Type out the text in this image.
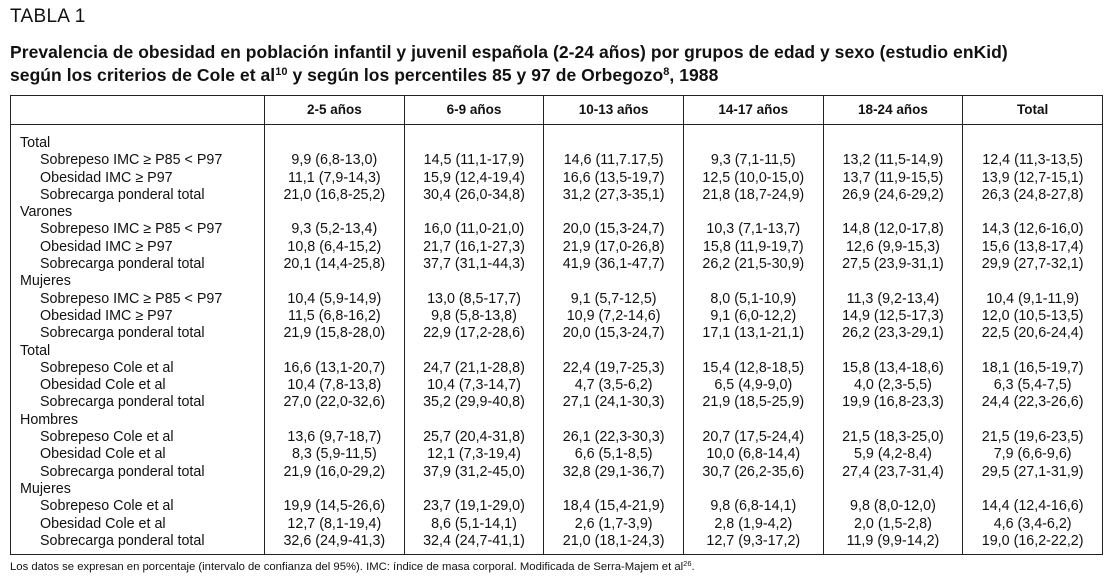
TABLA 1

Prevalencia de obesidad en población infantil y juvenil española (2-24 años) por grupos de edad y sexo (estudio enKid)
según los criterios de Cole et $al^{10}$ y según los percentiles 85 y 97 de Orbegozo$^8$, 1988
	2-5 años	6-9 años	10-13 años	14-17 años	18-24 años	Total
Total						
Sobrepeso IMC ≥ P85 < P97	9,9 (6,8-13,0)	14,5 (11,1-17,9)	14,6 (11,7.17,5)	9,3 (7,1-11,5)	13,2 (11,5-14,9)	12,4 (11,3-13,5)
Obesidad IMC ≥ P97	11,1 (7,9-14,3)	15,9 (12,4-19,4)	16,6 (13,5-19,7)	12,5 (10,0-15,0)	13,7 (11,9-15,5)	13,9 (12,7-15,1)
Sobrecarga ponderal total	21,0 (16,8-25,2)	30,4 (26,0-34,8)	31,2 (27,3-35,1)	21,8 (18,7-24,9)	26,9 (24,6-29,2)	26,3 (24,8-27,8)
Varones						
Sobrepeso IMC ≥ P85 < P97	9,3 (5,2-13,4)	16,0 (11,0-21,0)	20,0 (15,3-24,7)	10,3 (7,1-13,7)	14,8 (12,0-17,8)	14,3 (12,6-16,0)
Obesidad IMC ≥ P97	10,8 (6,4-15,2)	21,7 (16,1-27,3)	21,9 (17,0-26,8)	15,8 (11,9-19,7)	12,6 (9,9-15,3)	15,6 (13,8-17,4)
Sobrecarga ponderal total	20,1 (14,4-25,8)	37,7 (31,1-44,3)	41,9 (36,1-47,7)	26,2 (21,5-30,9)	27,5 (23,9-31,1)	29,9 (27,7-32,1)
Mujeres						
Sobrepeso IMC ≥ P85 < P97	10,4 (5,9-14,9)	13,0 (8,5-17,7)	9,1 (5,7-12,5)	8,0 (5,1-10,9)	11,3 (9,2-13,4)	10,4 (9,1-11,9)
Obesidad IMC ≥ P97	11,5 (6,8-16,2)	9,8 (5,8-13,8)	10,9 (7,2-14,6)	9,1 (6,0-12,2)	14,9 (12,5-17,3)	12,0 (10,5-13,5)
Sobrecarga ponderal total	21,9 (15,8-28,0)	22,9 (17,2-28,6)	20,0 (15,3-24,7)	17,1 (13,1-21,1)	26,2 (23,3-29,1)	22,5 (20,6-24,4)
Total						
Sobrepeso Cole et al	16,6 (13,1-20,7)	24,7 (21,1-28,8)	22,4 (19,7-25,3)	15,4 (12,8-18,5)	15,8 (13,4-18,6)	18,1 (16,5-19,7)
Obesidad Cole et al	10,4 (7,8-13,8)	10,4 (7,3-14,7)	4,7 (3,5-6,2)	6,5 (4,9-9,0)	4,0 (2,3-5,5)	6,3 (5,4-7,5)
Sobrecarga ponderal total	27,0 (22,0-32,6)	35,2 (29,9-40,8)	27,1 (24,1-30,3)	21,9 (18,5-25,9)	19,9 (16,8-23,3)	24,4 (22,3-26,6)
Hombres						
Sobrepeso Cole et al	13,6 (9,7-18,7)	25,7 (20,4-31,8)	26,1 (22,3-30,3)	20,7 (17,5-24,4)	21,5 (18,3-25,0)	21,5 (19,6-23,5)
Obesidad Cole et al	8,3 (5,9-11,5)	12,1 (7,3-19,4)	6,6 (5,1-8,5)	10,0 (6,8-14,4)	5,9 (4,2-8,4)	7,9 (6,6-9,6)
Sobrecarga ponderal total	21,9 (16,0-29,2)	37,9 (31,2-45,0)	32,8 (29,1-36,7)	30,7 (26,2-35,6)	27,4 (23,7-31,4)	29,5 (27,1-31,9)
Mujeres						
Sobrepeso Cole et al	19,9 (14,5-26,6)	23,7 (19,1-29,0)	18,4 (15,4-21,9)	9,8 (6,8-14,1)	9,8 (8,0-12,0)	14,4 (12,4-16,6)
Obesidad Cole et al	12,7 (8,1-19,4)	8,6 (5,1-14,1)	2,6 (1,7-3,9)	2,8 (1,9-4,2)	2,0 (1,5-2,8)	4,6 (3,4-6,2)
Sobrecarga ponderal total	32,6 (24,9-41,3)	32,4 (24,7-41,1)	21,0 (18,1-24,3)	12,7 (9,3-17,2)	11,9 (9,9-14,2)	19,0 (16,2-22,2)
Los datos se expresan en porcentaje (intervalo de confianza del 95%). IMC: índice de masa corporal. Modificada de Serra-Majem et $al^{26}$.
